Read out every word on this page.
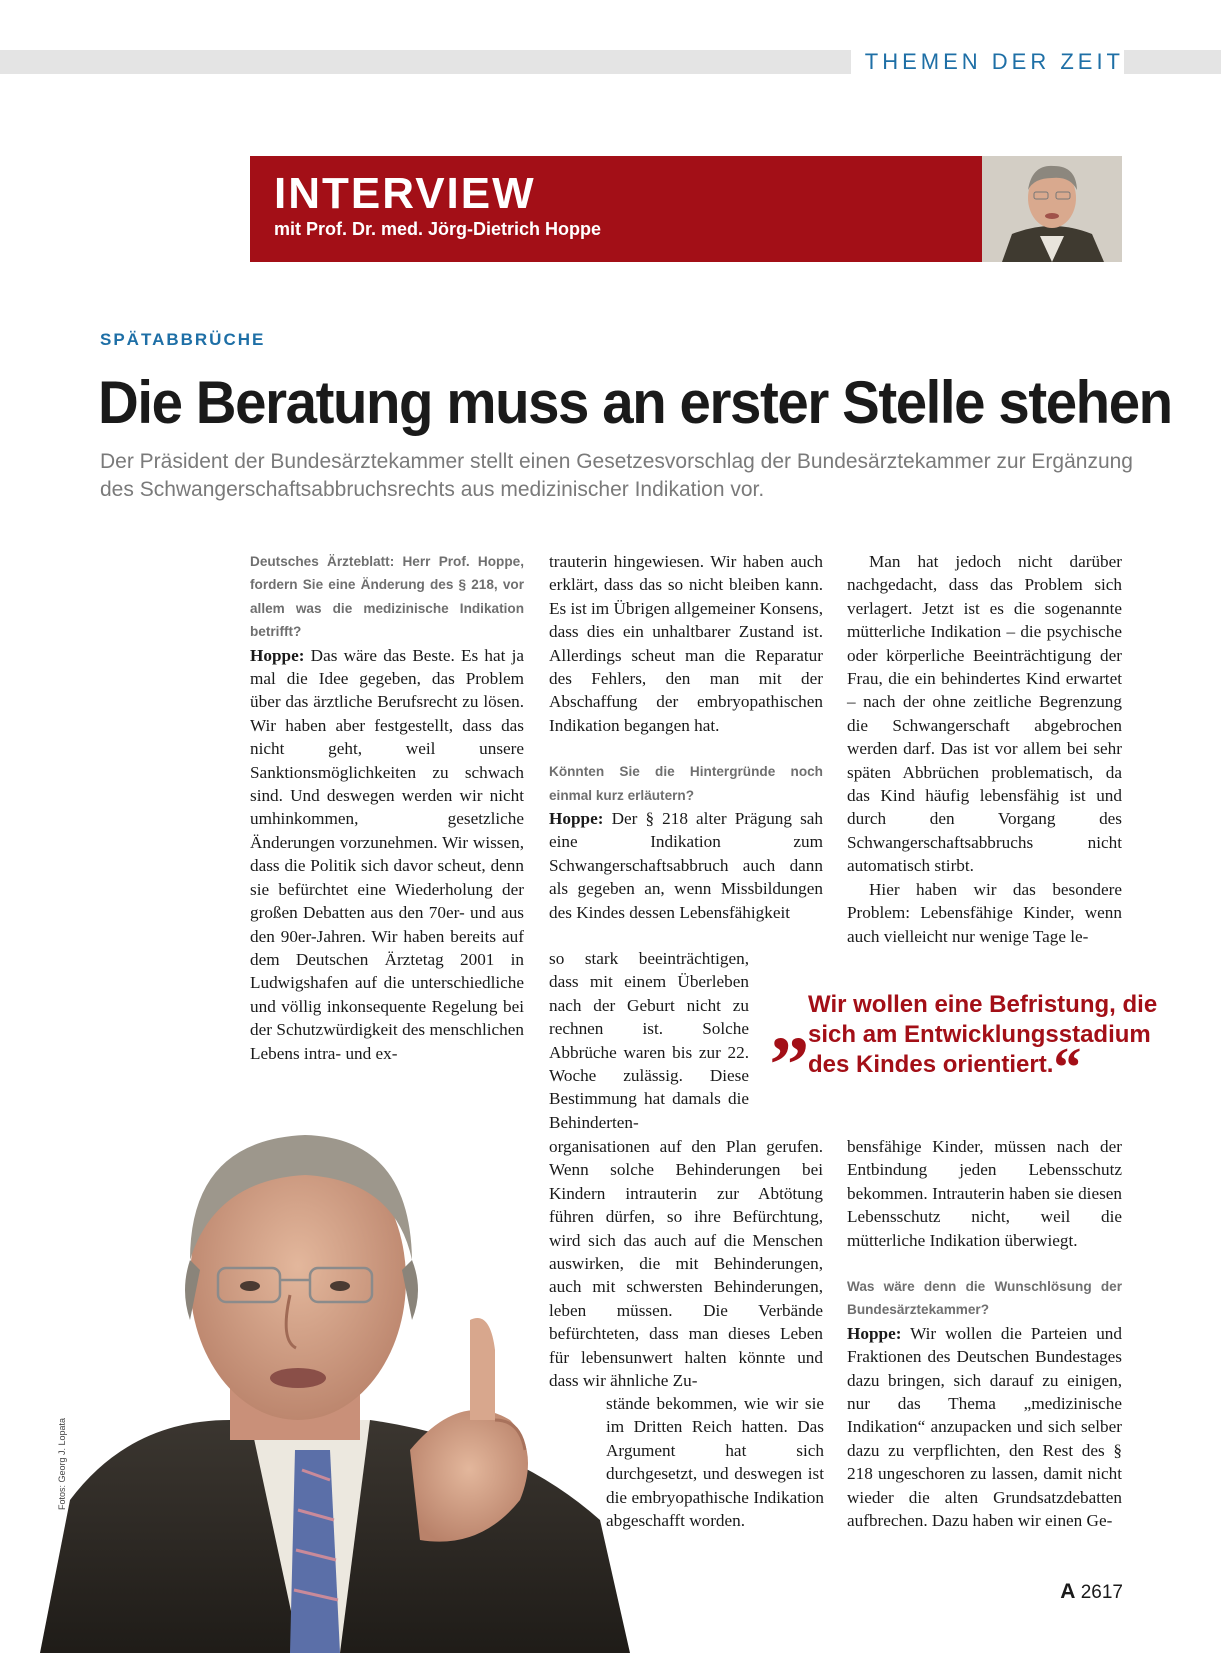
THEMEN DER ZEIT
INTERVIEW
mit Prof. Dr. med. Jörg-Dietrich Hoppe
SPÄTABBRÜCHE
Die Beratung muss an erster Stelle stehen
Der Präsident der Bundesärztekammer stellt einen Gesetzesvorschlag der Bundesärztekammer zur Ergänzung des Schwangerschaftsabbruchsrechts aus medizinischer Indikation vor.

Deutsches Ärzteblatt: Herr Prof. Hoppe, fordern Sie eine Änderung des § 218, vor allem was die medizinische Indikation betrifft?

Hoppe: Das wäre das Beste. Es hat ja mal die Idee gegeben, das Problem über das ärztliche Berufsrecht zu lösen. Wir haben aber festgestellt, dass das nicht geht, weil unsere Sanktionsmöglichkeiten zu schwach sind. Und deswegen werden wir nicht umhinkommen, gesetzliche Änderungen vorzunehmen. Wir wissen, dass die Politik sich davor scheut, denn sie befürchtet eine Wiederholung der großen Debatten aus den 70er- und aus den 90er-Jahren. Wir haben bereits auf dem Deutschen Ärztetag 2001 in Ludwigshafen auf die unterschiedliche und völlig inkonsequente Regelung bei der Schutzwürdigkeit des menschlichen Lebens intra- und ex-

trauterin hingewiesen. Wir haben auch erklärt, dass das so nicht bleiben kann. Es ist im Übrigen allgemeiner Konsens, dass dies ein unhaltbarer Zustand ist. Allerdings scheut man die Reparatur des Fehlers, den man mit der Abschaffung der embryopathischen Indikation begangen hat.

Könnten Sie die Hintergründe noch einmal kurz erläutern?

Hoppe: Der § 218 alter Prägung sah eine Indikation zum Schwangerschaftsabbruch auch dann als gegeben an, wenn Missbildungen des Kindes dessen Lebensfähigkeit

so stark beeinträchtigen, dass mit einem Überleben nach der Geburt nicht zu rechnen ist. Solche Abbrüche waren bis zur 22. Woche zulässig. Diese Bestimmung hat damals die Behinderten-

organisationen auf den Plan gerufen. Wenn solche Behinderungen bei Kindern intrauterin zur Abtötung führen dürfen, so ihre Befürchtung, wird sich das auch auf die Menschen auswirken, die mit Behinderungen, auch mit schwersten Behinderungen, leben müssen. Die Verbände befürchteten, dass man dieses Leben für lebensunwert halten könnte und dass wir ähnliche Zu-

stände bekommen, wie wir sie im Dritten Reich hatten. Das Argument hat sich durchgesetzt, und deswegen ist die embryopathische Indikation abgeschafft worden.

Man hat jedoch nicht darüber nachgedacht, dass das Problem sich verlagert. Jetzt ist es die sogenannte mütterliche Indikation – die psychische oder körperliche Beeinträchtigung der Frau, die ein behindertes Kind erwartet – nach der ohne zeitliche Begrenzung die Schwangerschaft abgebrochen werden darf. Das ist vor allem bei sehr späten Abbrüchen problematisch, da das Kind häufig lebensfähig ist und durch den Vorgang des Schwangerschaftsabbruchs nicht automatisch stirbt.

Hier haben wir das besondere Problem: Lebensfähige Kinder, wenn auch vielleicht nur wenige Tage le-

bensfähige Kinder, müssen nach der Entbindung jeden Lebensschutz bekommen. Intrauterin haben sie diesen Lebensschutz nicht, weil die mütterliche Indikation überwiegt.

Was wäre denn die Wunschlösung der Bundesärztekammer?

Hoppe: Wir wollen die Parteien und Fraktionen des Deutschen Bundestages dazu bringen, sich darauf zu einigen, nur das Thema „medizinische Indikation“ anzupacken und sich selber dazu zu verpflichten, den Rest des § 218 ungeschoren zu lassen, damit nicht wieder die alten Grundsatzdebatten aufbrechen. Dazu haben wir einen Ge-

„
Wir wollen eine Befristung, die sich am Entwicklungsstadium des Kindes orientiert.“
Fotos: Georg J. Lopata
A 2617
